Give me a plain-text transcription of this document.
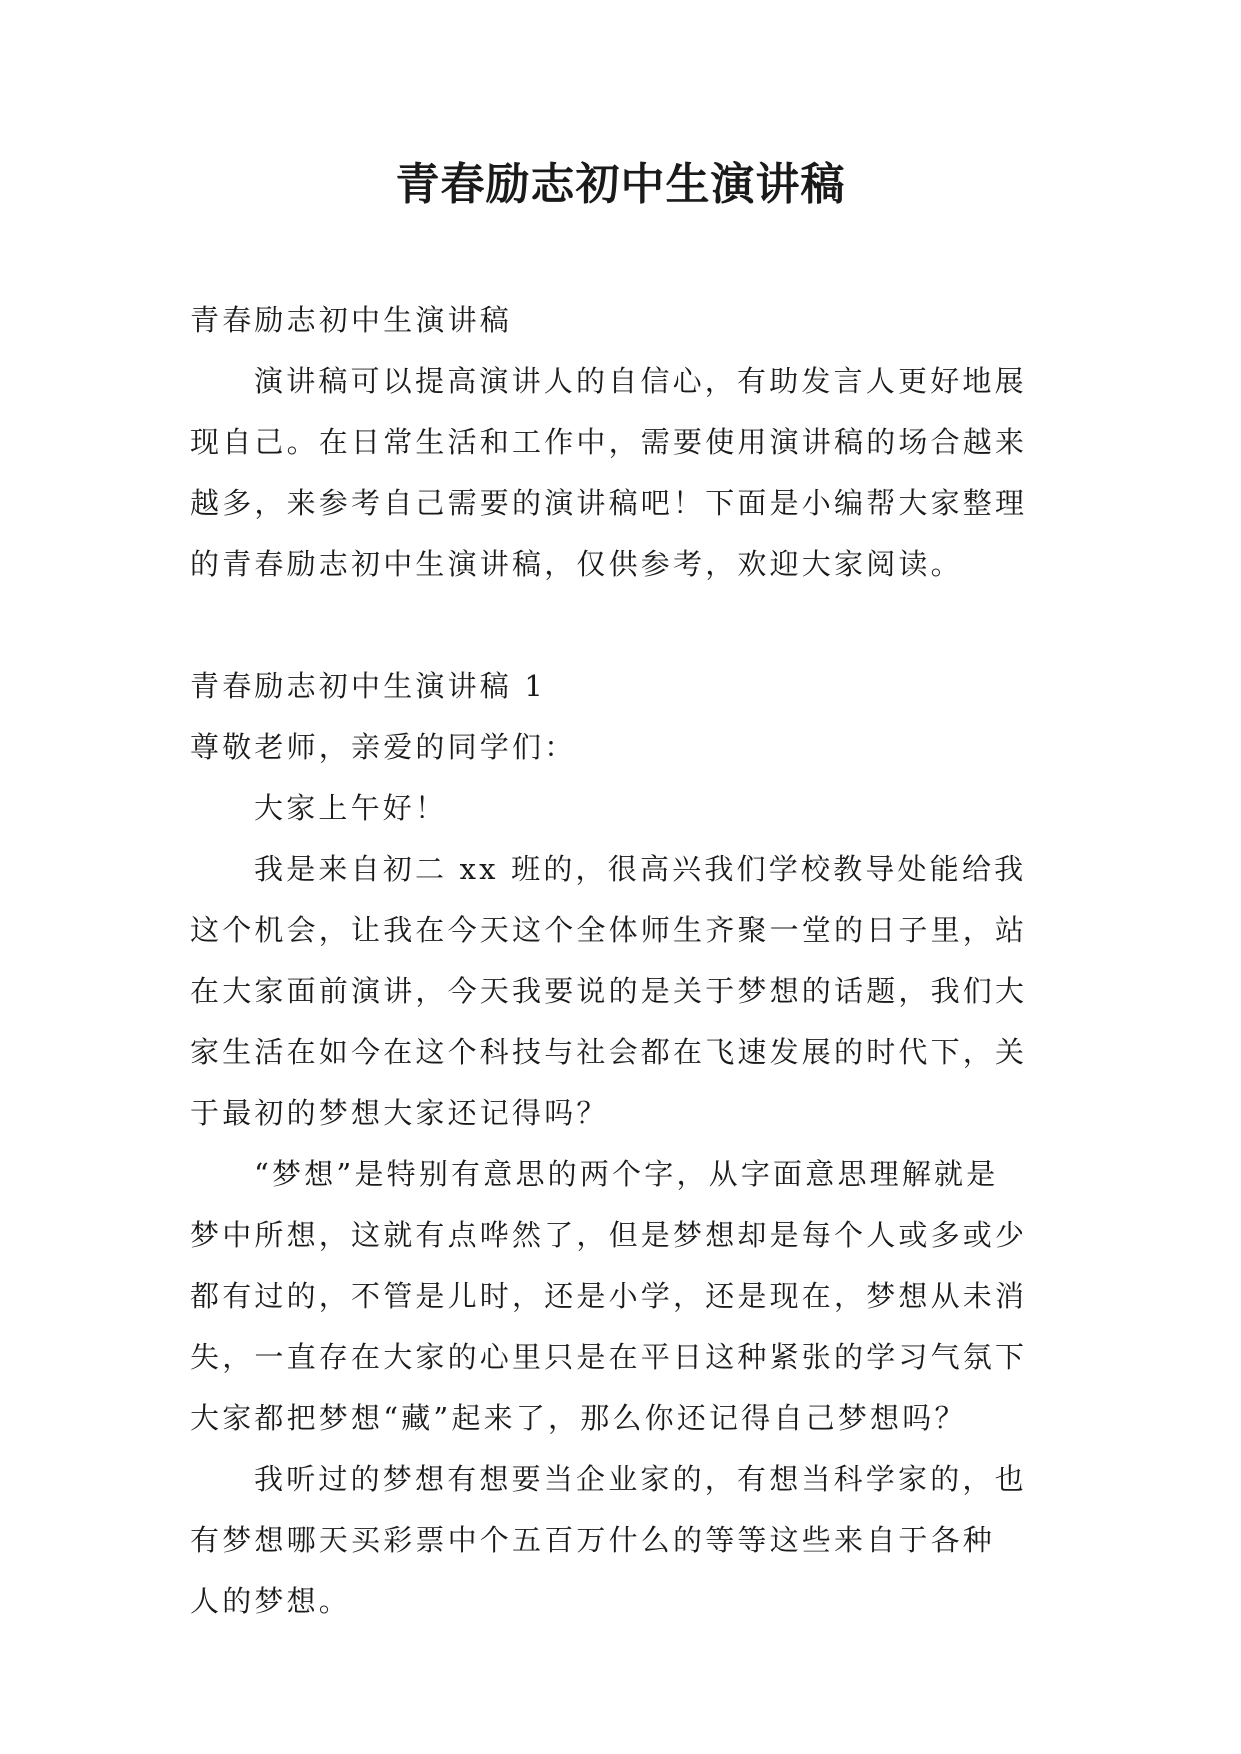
青春励志初中生演讲稿
青春励志初中生演讲稿
演讲稿可以提高演讲人的自信心，有助发言人更好地展
现自己。在日常生活和工作中，需要使用演讲稿的场合越来
越多，来参考自己需要的演讲稿吧！下面是小编帮大家整理
的青春励志初中生演讲稿，仅供参考，欢迎大家阅读。
青春励志初中生演讲稿 1
尊敬老师，亲爱的同学们：
大家上午好！
我是来自初二 xx 班的，很高兴我们学校教导处能给我
这个机会，让我在今天这个全体师生齐聚一堂的日子里，站
在大家面前演讲，今天我要说的是关于梦想的话题，我们大
家生活在如今在这个科技与社会都在飞速发展的时代下，关
于最初的梦想大家还记得吗？
“梦想”是特别有意思的两个字，从字面意思理解就是
梦中所想，这就有点哗然了，但是梦想却是每个人或多或少
都有过的，不管是儿时，还是小学，还是现在，梦想从未消
失，一直存在大家的心里只是在平日这种紧张的学习气氛下
大家都把梦想“藏”起来了，那么你还记得自己梦想吗？
我听过的梦想有想要当企业家的，有想当科学家的，也
有梦想哪天买彩票中个五百万什么的等等这些来自于各种
人的梦想。
